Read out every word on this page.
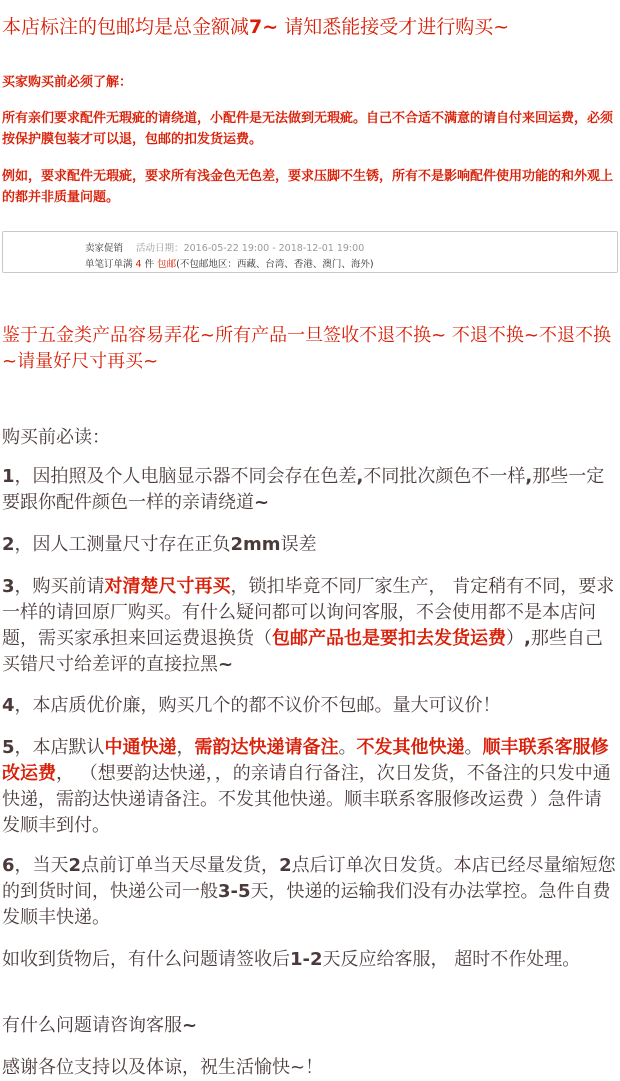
本店标注的包邮均是总金额减7~ 请知悉能接受才进行购买~
买家购买前必须了解：
所有亲们要求配件无瑕疵的请绕道，小配件是无法做到无瑕疵。自己不合适不满意的请自付来回运费，必须按保护膜包装才可以退，包邮的扣发货运费。
例如，要求配件无瑕疵，要求所有浅金色无色差，要求压脚不生锈，所有不是影响配件使用功能的和外观上的都并非质量问题。
卖家促销 活动日期：2016-05-22 19:00 - 2018-12-01 19:00
单笔订单满 4 件 包邮(不包邮地区：西藏、台湾、香港、澳门、海外)
鉴于五金类产品容易弄花~所有产品一旦签收不退不换~ 不退不换~不退不换~请量好尺寸再买~
购买前必读：
1，因拍照及个人电脑显示器不同会存在色差,不同批次颜色不一样,那些一定要跟你配件颜色一样的亲请绕道~
2，因人工测量尺寸存在正负2mm误差
3，购买前请对清楚尺寸再买，锁扣毕竟不同厂家生产， 肯定稍有不同，要求一样的请回原厂购买。有什么疑问都可以询问客服，不会使用都不是本店问题，需买家承担来回运费退换货（包邮产品也是要扣去发货运费）,那些自己买错尺寸给差评的直接拉黑~
4，本店质优价廉，购买几个的都不议价不包邮。量大可议价！
5，本店默认中通快递，需韵达快递请备注。不发其他快递。顺丰联系客服修改运费， （想要韵达快递，，的亲请自行备注，次日发货，不备注的只发中通快递，需韵达快递请备注。不发其他快递。顺丰联系客服修改运费 ）急件请发顺丰到付。
6，当天2点前订单当天尽量发货，2点后订单次日发货。本店已经尽量缩短您的到货时间，快递公司一般3-5天，快递的运输我们没有办法掌控。急件自费发顺丰快递。
如收到货物后，有什么问题请签收后1-2天反应给客服， 超时不作处理。
有什么问题请咨询客服~
感谢各位支持以及体谅，祝生活愉快~！
